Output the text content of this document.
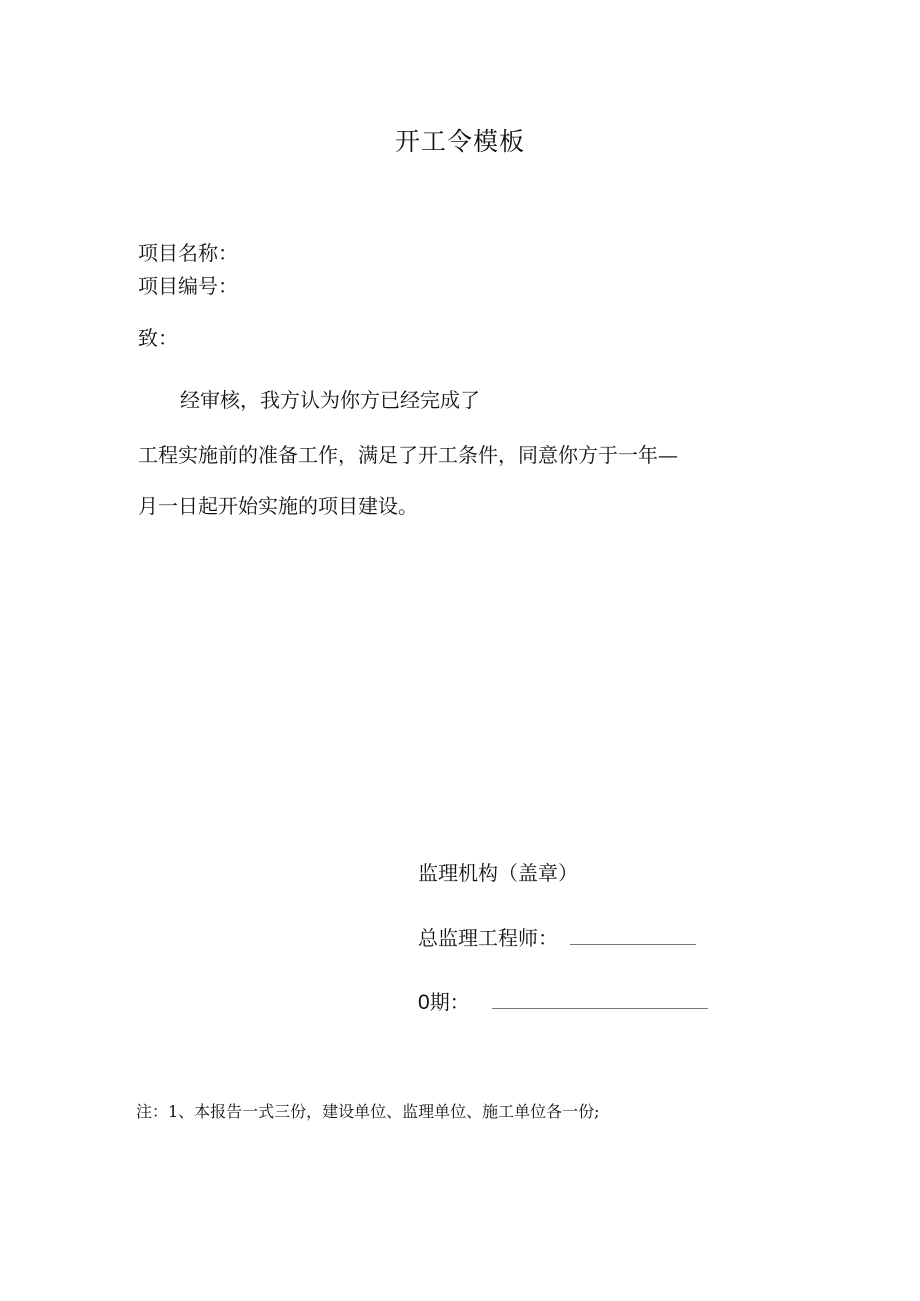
开工令模板
项目名称：
项目编号：
致：
经审核，我方认为你方已经完成了
工程实施前的准备工作，满足了开工条件，同意你方于一年—
月一日起开始实施的项目建设。
监理机构（盖章）
总监理工程师：
0期：
注：1、本报告一式三份，建设单位、监理单位、施工单位各一份;
